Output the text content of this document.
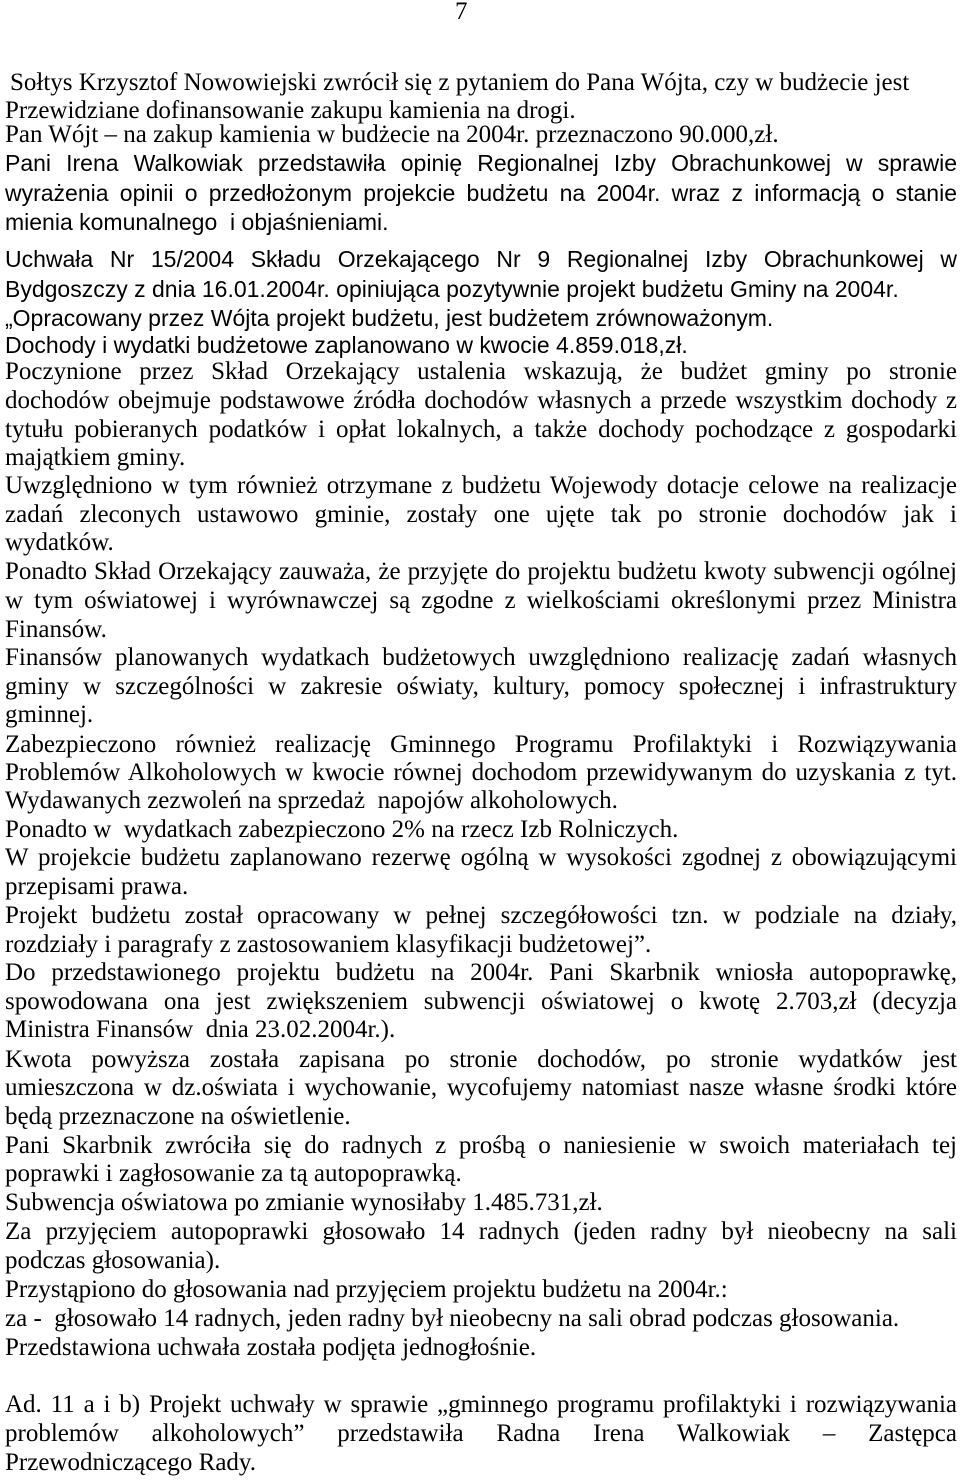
7
Sołtys Krzysztof Nowowiejski zwrócił się z pytaniem do Pana Wójta, czy w budżecie jest
Przewidziane dofinansowanie zakupu kamienia na drogi.
Pan Wójt – na zakup kamienia w budżecie na 2004r. przeznaczono 90.000,zł.
Pani Irena Walkowiak przedstawiła opinię Regionalnej Izby Obrachunkowej w sprawie
wyrażenia opinii o przedłożonym projekcie budżetu na 2004r. wraz z informacją o stanie
mienia komunalnego  i objaśnieniami.
Uchwała Nr 15/2004 Składu Orzekającego Nr 9 Regionalnej Izby Obrachunkowej w
Bydgoszczy z dnia 16.01.2004r. opiniująca pozytywnie projekt budżetu Gminy na 2004r.
„Opracowany przez Wójta projekt budżetu, jest budżetem zrównoważonym.
Dochody i wydatki budżetowe zaplanowano w kwocie 4.859.018,zł.
Poczynione przez Skład Orzekający ustalenia wskazują, że budżet gminy po stronie
dochodów obejmuje podstawowe źródła dochodów własnych a przede wszystkim dochody z
tytułu pobieranych podatków i opłat lokalnych, a także dochody pochodzące z gospodarki
majątkiem gminy.
Uwzględniono w tym również otrzymane z budżetu Wojewody dotacje celowe na realizacje
zadań zleconych ustawowo gminie, zostały one ujęte tak po stronie dochodów jak i
wydatków.
Ponadto Skład Orzekający zauważa, że przyjęte do projektu budżetu kwoty subwencji ogólnej
w tym oświatowej i wyrównawczej są zgodne z wielkościami określonymi przez Ministra
Finansów.
Finansów planowanych wydatkach budżetowych uwzględniono realizację zadań własnych
gminy w szczególności w zakresie oświaty, kultury, pomocy społecznej i infrastruktury
gminnej.
Zabezpieczono również realizację Gminnego Programu Profilaktyki i Rozwiązywania
Problemów Alkoholowych w kwocie równej dochodom przewidywanym do uzyskania z tyt.
Wydawanych zezwoleń na sprzedaż  napojów alkoholowych.
Ponadto w  wydatkach zabezpieczono 2% na rzecz Izb Rolniczych.
W projekcie budżetu zaplanowano rezerwę ogólną w wysokości zgodnej z obowiązującymi
przepisami prawa.
Projekt budżetu został opracowany w pełnej szczegółowości tzn. w podziale na działy,
rozdziały i paragrafy z zastosowaniem klasyfikacji budżetowej”.
Do przedstawionego projektu budżetu na 2004r. Pani Skarbnik wniosła autopoprawkę,
spowodowana ona jest zwiększeniem subwencji oświatowej o kwotę 2.703,zł (decyzja
Ministra Finansów  dnia 23.02.2004r.).
Kwota powyższa została zapisana po stronie dochodów, po stronie wydatków jest
umieszczona w dz.oświata i wychowanie, wycofujemy natomiast nasze własne środki które
będą przeznaczone na oświetlenie.
Pani Skarbnik zwróciła się do radnych z prośbą o naniesienie w swoich materiałach tej
poprawki i zagłosowanie za tą autopoprawką.
Subwencja oświatowa po zmianie wynosiłaby 1.485.731,zł.
Za przyjęciem autopoprawki głosowało 14 radnych (jeden radny był nieobecny na sali
podczas głosowania).
Przystąpiono do głosowania nad przyjęciem projektu budżetu na 2004r.:
za -  głosowało 14 radnych, jeden radny był nieobecny na sali obrad podczas głosowania.
Przedstawiona uchwała została podjęta jednogłośnie.
Ad. 11 a i b) Projekt uchwały w sprawie „gminnego programu profilaktyki i rozwiązywania
problemów alkoholowych” przedstawiła Radna Irena Walkowiak – Zastępca
Przewodniczącego Rady.
